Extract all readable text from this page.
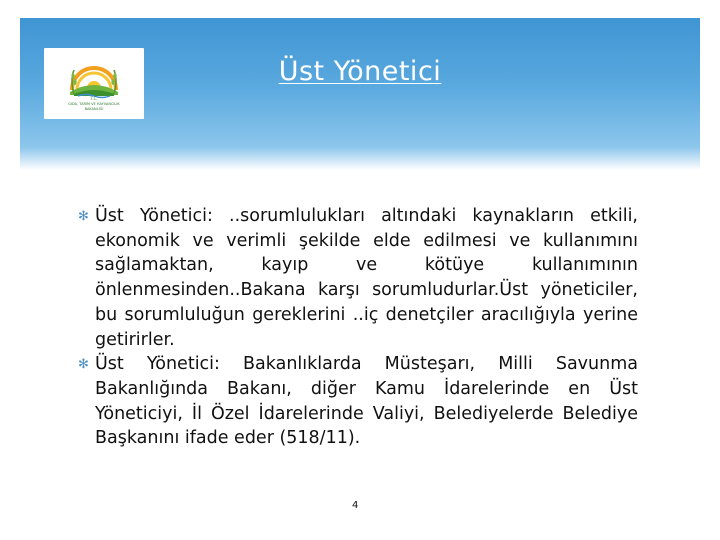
T.C.
GIDA, TARIM VE HAYVANCILIK
BAKANLIĞI
Üst Yönetici
✻ Üst Yönetici: ..sorumlulukları altındaki kaynakların etkili, ekonomik ve verimli şekilde elde edilmesi ve kullanımını sağlamaktan, kayıp ve kötüye kullanımının önlenmesinden..Bakana karşı sorumludurlar.Üst yöneticiler, bu sorumluluğun gereklerini ..iç denetçiler aracılığıyla yerine getirirler.
✻ Üst Yönetici: Bakanlıklarda Müsteşarı, Milli Savunma Bakanlığında Bakanı, diğer Kamu İdarelerinde en Üst Yöneticiyi, İl Özel İdarelerinde Valiyi, Belediyelerde Belediye Başkanını ifade eder (518/11).
4
